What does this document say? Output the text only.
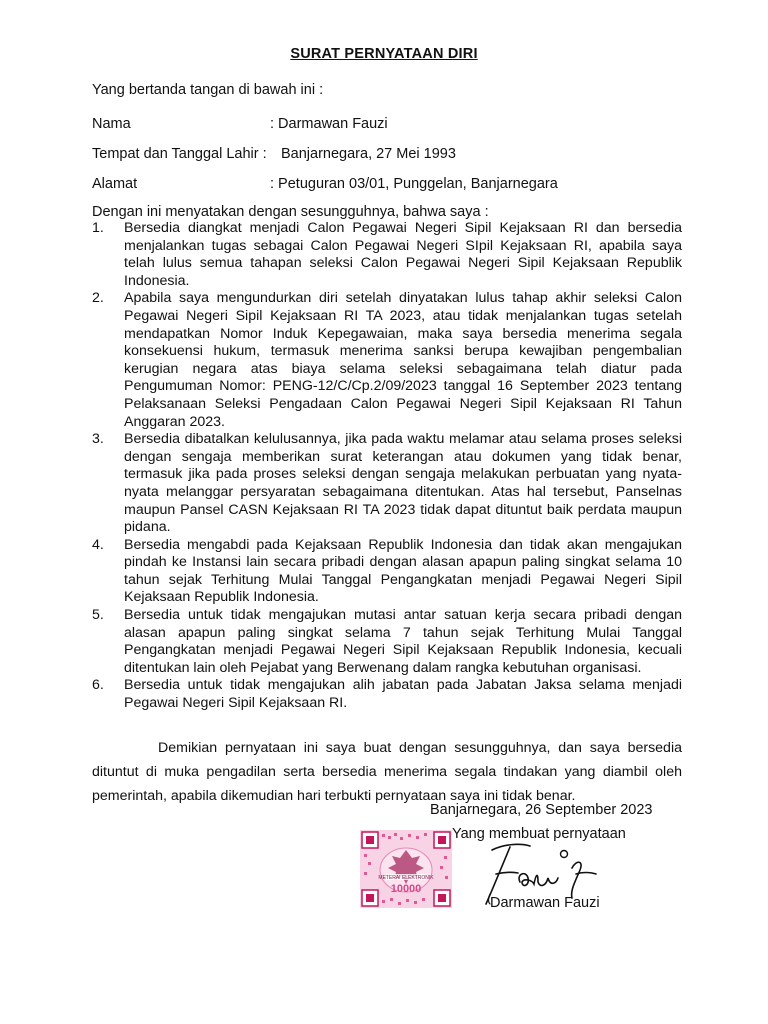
SURAT PERNYATAAN DIRI
Yang bertanda tangan di bawah ini :
Nama	: Darmawan Fauzi
Tempat dan Tanggal Lahir : Banjarnegara, 27 Mei 1993
Alamat	: Petuguran 03/01, Punggelan, Banjarnegara
Dengan ini menyatakan dengan sesungguhnya, bahwa saya :
1.	Bersedia diangkat menjadi Calon Pegawai Negeri Sipil Kejaksaan RI dan bersedia menjalankan tugas sebagai Calon Pegawai Negeri SIpil Kejaksaan RI, apabila saya telah lulus semua tahapan seleksi Calon Pegawai Negeri Sipil Kejaksaan Republik Indonesia.
2.	Apabila saya mengundurkan diri setelah dinyatakan lulus tahap akhir seleksi Calon Pegawai Negeri Sipil Kejaksaan RI TA 2023, atau tidak menjalankan tugas setelah mendapatkan Nomor Induk Kepegawaian, maka saya bersedia menerima segala konsekuensi hukum, termasuk menerima sanksi berupa kewajiban pengembalian kerugian negara atas biaya selama seleksi sebagaimana telah diatur pada Pengumuman Nomor: PENG-12/C/Cp.2/09/2023 tanggal 16 September 2023 tentang Pelaksanaan Seleksi Pengadaan Calon Pegawai Negeri Sipil Kejaksaan RI Tahun Anggaran 2023.
3.	Bersedia dibatalkan kelulusannya, jika pada waktu melamar atau selama proses seleksi dengan sengaja memberikan surat keterangan atau dokumen yang tidak benar, termasuk jika pada proses seleksi dengan sengaja melakukan perbuatan yang nyata-nyata melanggar persyaratan sebagaimana ditentukan. Atas hal tersebut, Panselnas maupun Pansel CASN Kejaksaan RI TA 2023 tidak dapat dituntut baik perdata maupun pidana.
4.	Bersedia mengabdi pada Kejaksaan Republik Indonesia dan tidak akan mengajukan pindah ke Instansi lain secara pribadi dengan alasan apapun paling singkat selama 10 tahun sejak Terhitung Mulai Tanggal Pengangkatan menjadi Pegawai Negeri Sipil Kejaksaan Republik Indonesia.
5.	Bersedia untuk tidak mengajukan mutasi antar satuan kerja secara pribadi dengan alasan apapun paling singkat selama 7 tahun sejak Terhitung Mulai Tanggal Pengangkatan menjadi Pegawai Negeri Sipil Kejaksaan Republik Indonesia, kecuali ditentukan lain oleh Pejabat yang Berwenang dalam rangka kebutuhan organisasi.
6.	Bersedia untuk tidak mengajukan alih jabatan pada Jabatan Jaksa selama menjadi Pegawai Negeri Sipil Kejaksaan RI.

Demikian pernyataan ini saya buat dengan sesungguhnya, dan saya bersedia dituntut di muka pengadilan serta bersedia menerima segala tindakan yang diambil oleh pemerintah, apabila dikemudian hari terbukti pernyataan saya ini tidak benar.

Banjarnegara, 26 September 2023
Yang membuat pernyataan
METERAI ELEKTRONIK
10000
Darmawan Fauzi
